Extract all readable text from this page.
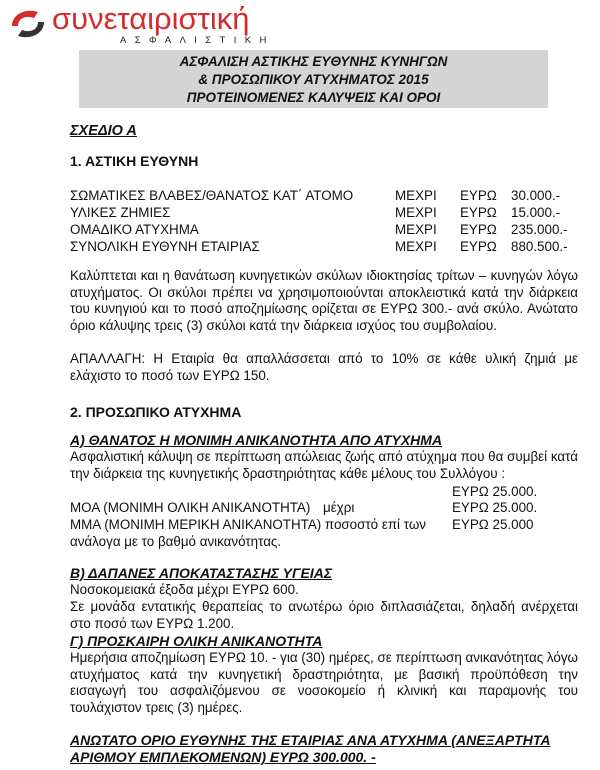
συνεταιριστική
ΑΣΦΑΛΙΣΤΙΚΗ
ΑΣΦΑΛΙΣΗ ΑΣΤΙΚΗΣ ΕΥΘΥΝΗΣ ΚΥΝΗΓΩΝ
& ΠΡΟΣΩΠΙΚΟΥ ΑΤΥΧΗΜΑΤΟΣ 2015
ΠΡΟΤΕΙΝΟΜΕΝΕΣ ΚΑΛΥΨΕΙΣ ΚΑΙ ΟΡΟΙ
ΣΧΕΔΙΟ Α
1. ΑΣΤΙΚΗ ΕΥΘΥΝΗ
ΣΩΜΑΤΙΚΕΣ ΒΛΑΒΕΣ/ΘΑΝΑΤΟΣ ΚΑΤ΄ ΑΤΟΜΟ	ΜΕΧΡΙ ΕΥΡΩ 30.000.-
ΥΛΙΚΕΣ ΖΗΜΙΕΣ	ΜΕΧΡΙ ΕΥΡΩ 15.000.-
ΟΜΑΔΙΚΟ ΑΤΥΧΗΜΑ	ΜΕΧΡΙ ΕΥΡΩ 235.000.-
ΣΥΝΟΛΙΚΗ ΕΥΘΥΝΗ ΕΤΑΙΡΙΑΣ	ΜΕΧΡΙ ΕΥΡΩ 880.500.-
Καλύπτεται και η θανάτωση κυνηγετικών σκύλων ιδιοκτησίας τρίτων – κυνηγών λόγω ατυχήματος. Οι σκύλοι πρέπει να χρησιμοποιούνται αποκλειστικά κατά την διάρκεια του κυνηγιού και το ποσό αποζημίωσης ορίζεται σε ΕΥΡΩ 300.- ανά σκύλο. Ανώτατο όριο κάλυψης τρεις (3) σκύλοι κατά την διάρκεια ισχύος του συμβολαίου.
ΑΠΑΛΛΑΓΗ: Η Εταιρία θα απαλλάσσεται από το 10% σε κάθε υλική ζημιά με ελάχιστο το ποσό των ΕΥΡΩ 150.
2. ΠΡΟΣΩΠΙΚΟ ΑΤΥΧΗΜΑ
Α) ΘΑΝΑΤΟΣ Η ΜΟΝΙΜΗ ΑΝΙΚΑΝΟΤΗΤΑ ΑΠΟ ΑΤΥΧΗΜΑ
Ασφαλιστική κάλυψη σε περίπτωση απώλειας ζωής από ατύχημα που θα συμβεί κατά την διάρκεια της κυνηγετικής δραστηριότητας κάθε μέλους του Συλλόγου :
ΕΥΡΩ 25.000.
ΜΟΑ (ΜΟΝΙΜΗ ΟΛΙΚΗ ΑΝΙΚΑΝΟΤΗΤΑ) μέχρι	ΕΥΡΩ 25.000.
ΜΜΑ (ΜΟΝΙΜΗ ΜΕΡΙΚΗ ΑΝΙΚΑΝΟΤΗΤΑ) ποσοστό επί των ΕΥΡΩ 25.000
ανάλογα με το βαθμό ανικανότητας.
Β) ΔΑΠΑΝΕΣ ΑΠΟΚΑΤΑΣΤΑΣΗΣ ΥΓΕΙΑΣ
Νοσοκομειακά έξοδα μέχρι ΕΥΡΩ 600.
Σε μονάδα εντατικής θεραπείας το ανωτέρω όριο διπλασιάζεται, δηλαδή ανέρχεται στο ποσό των ΕΥΡΩ 1.200.
Γ) ΠΡΟΣΚΑΙΡΗ ΟΛΙΚΗ ΑΝΙΚΑΝΟΤΗΤΑ
Ημερήσια αποζημίωση ΕΥΡΩ 10. - για (30) ημέρες, σε περίπτωση ανικανότητας λόγω ατυχήματος κατά την κυνηγετική δραστηριότητα, με βασική προϋπόθεση την εισαγωγή του ασφαλιζόμενου σε νοσοκομείο ή κλινική και παραμονής του τουλάχιστον τρεις (3) ημέρες.
ΑΝΩΤΑΤΟ ΟΡΙΟ ΕΥΘΥΝΗΣ ΤΗΣ ΕΤΑΙΡΙΑΣ ΑΝΑ ΑΤΥΧΗΜΑ (ΑΝΕΞΑΡΤΗΤΑ
ΑΡΙΘΜΟΥ ΕΜΠΛΕΚΟΜΕΝΩΝ) ΕΥΡΩ 300.000. -
